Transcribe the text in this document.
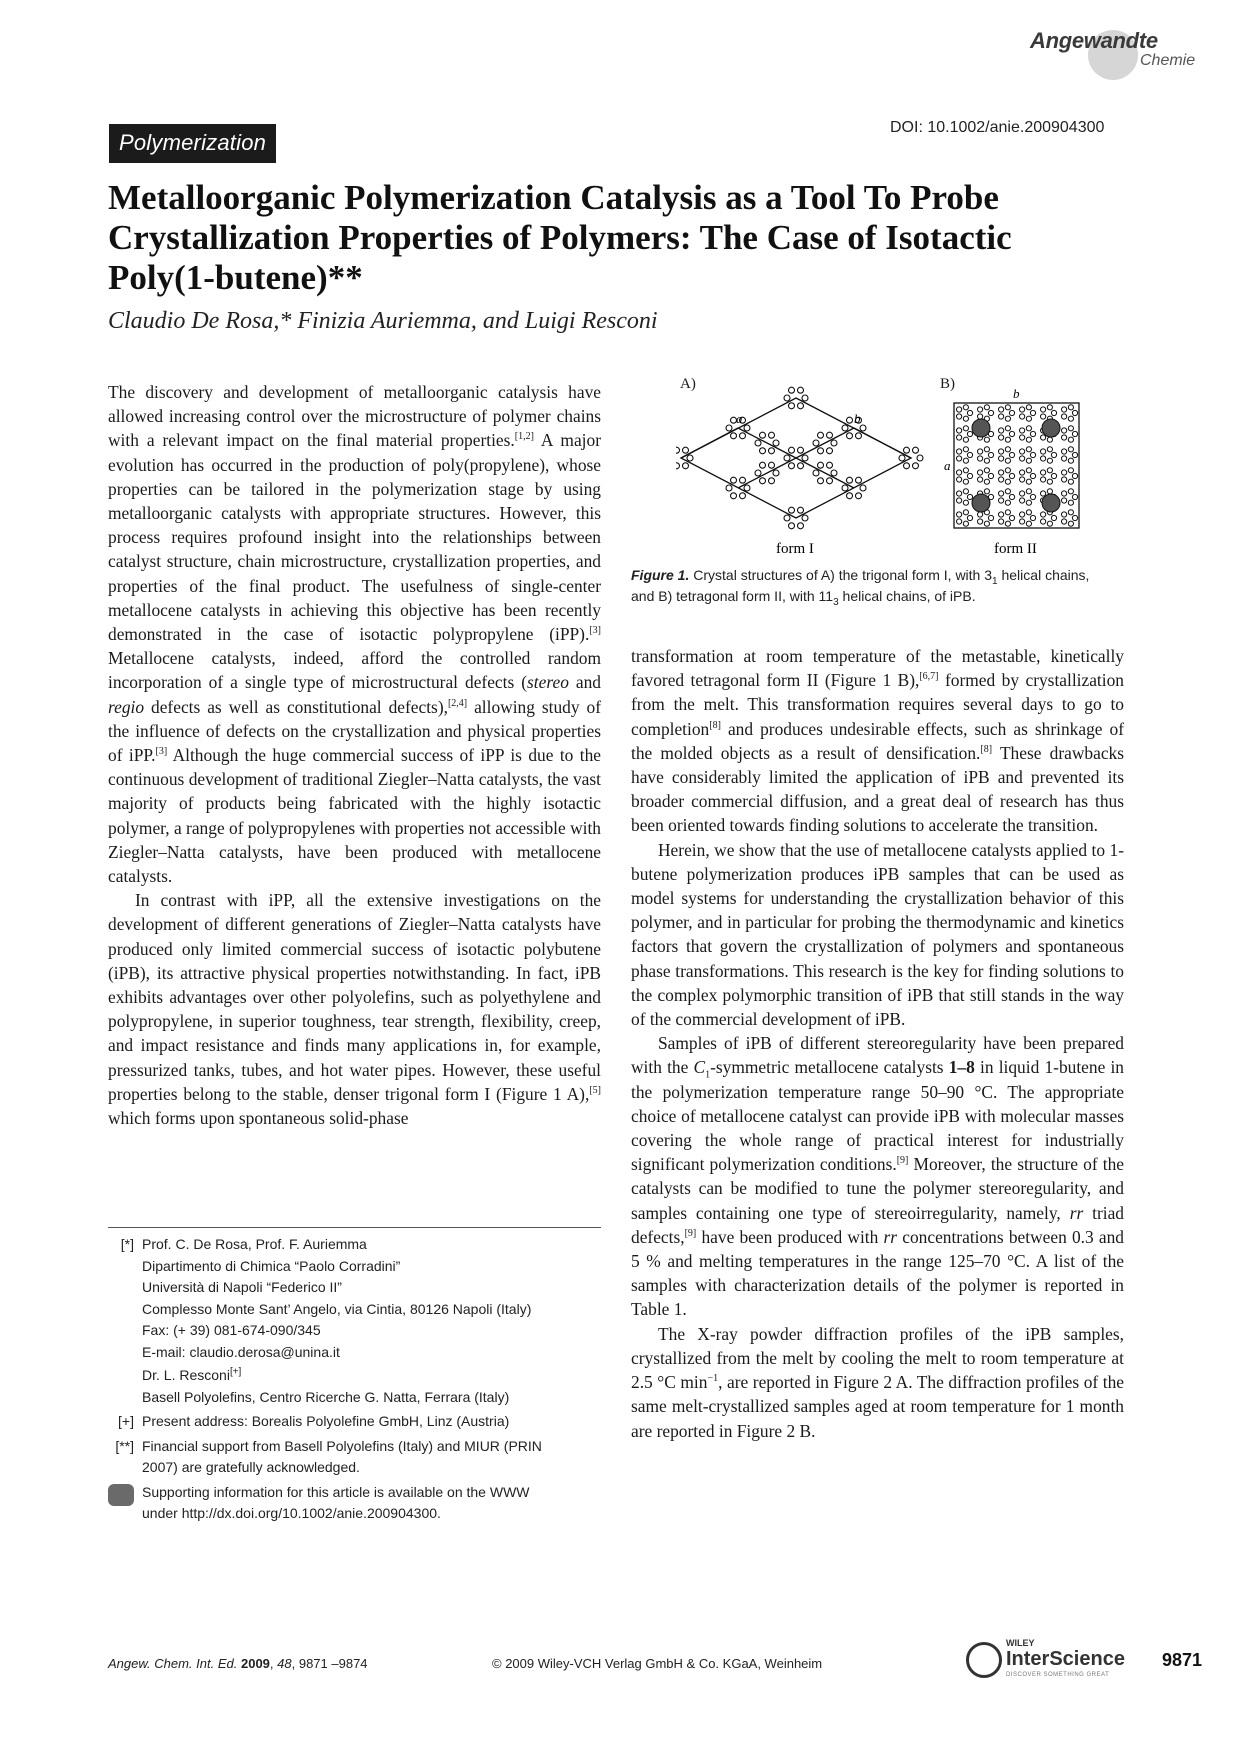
Angewandte
Chemie
Polymerization
DOI: 10.1002/anie.200904300
Metalloorganic Polymerization Catalysis as a Tool To Probe Crystallization Properties of Polymers: The Case of Isotactic Poly(1-butene)**
Claudio De Rosa,* Finizia Auriemma, and Luigi Resconi

The discovery and development of metalloorganic catalysis have allowed increasing control over the microstructure of polymer chains with a relevant impact on the final material properties.[1,2] A major evolution has occurred in the production of poly(propylene), whose properties can be tailored in the polymerization stage by using metalloorganic catalysts with appropriate structures. However, this process requires profound insight into the relationships between catalyst structure, chain microstructure, crystallization properties, and properties of the final product. The usefulness of single-center metallocene catalysts in achieving this objective has been recently demonstrated in the case of isotactic polypropylene (iPP).[3] Metallocene catalysts, indeed, afford the controlled random incorporation of a single type of microstructural defects (stereo and regio defects as well as constitutional defects),[2,4] allowing study of the influence of defects on the crystallization and physical properties of iPP.[3] Although the huge commercial success of iPP is due to the continuous development of traditional Ziegler–Natta catalysts, the vast majority of products being fabricated with the highly isotactic polymer, a range of polypropylenes with properties not accessible with Ziegler–Natta catalysts, have been produced with metallocene catalysts.

In contrast with iPP, all the extensive investigations on the development of different generations of Ziegler–Natta catalysts have produced only limited commercial success of isotactic polybutene (iPB), its attractive physical properties notwithstanding. In fact, iPB exhibits advantages over other polyolefins, such as polyethylene and polypropylene, in superior toughness, tear strength, flexibility, creep, and impact resistance and finds many applications in, for example, pressurized tanks, tubes, and hot water pipes. However, these useful properties belong to the stable, denser trigonal form I (Figure 1 A),[5] which forms upon spontaneous solid-phase

A)	B)
a	b
b
a
form I	form II
Figure 1. Crystal structures of A) the trigonal form I, with $3_1$ helical chains, and B) tetragonal form II, with $11_3$ helical chains, of iPB.

transformation at room temperature of the metastable, kinetically favored tetragonal form II (Figure 1 B),[6,7] formed by crystallization from the melt. This transformation requires several days to go to completion[8] and produces undesirable effects, such as shrinkage of the molded objects as a result of densification.[8] These drawbacks have considerably limited the application of iPB and prevented its broader commercial diffusion, and a great deal of research has thus been oriented towards finding solutions to accelerate the transition.

Herein, we show that the use of metallocene catalysts applied to 1-butene polymerization produces iPB samples that can be used as model systems for understanding the crystallization behavior of this polymer, and in particular for probing the thermodynamic and kinetics factors that govern the crystallization of polymers and spontaneous phase transformations. This research is the key for finding solutions to the complex polymorphic transition of iPB that still stands in the way of the commercial development of iPB.

Samples of iPB of different stereoregularity have been prepared with the $C_1$-symmetric metallocene catalysts 1–8 in liquid 1-butene in the polymerization temperature range 50–90 °C. The appropriate choice of metallocene catalyst can provide iPB with molecular masses covering the whole range of practical interest for industrially significant polymerization conditions.[9] Moreover, the structure of the catalysts can be modified to tune the polymer stereoregularity, and samples containing one type of stereoirregularity, namely, rr triad defects,[9] have been produced with rr concentrations between 0.3 and 5 % and melting temperatures in the range 125–70 °C. A list of the samples with characterization details of the polymer is reported in Table 1.

The X-ray powder diffraction profiles of the iPB samples, crystallized from the melt by cooling the melt to room temperature at 2.5 °C $\min^{-1}$, are reported in Figure 2 A. The diffraction profiles of the same melt-crystallized samples aged at room temperature for 1 month are reported in Figure 2 B.

[*] Prof. C. De Rosa, Prof. F. Auriemma
Dipartimento di Chimica “Paolo Corradini”
Università di Napoli “Federico II”
Complesso Monte Sant’ Angelo, via Cintia, 80126 Napoli (Italy)
Fax: (+ 39) 081-674-090/345
E-mail: claudio.derosa@unina.it
Dr. L. Resconi[+]
Basell Polyolefins, Centro Ricerche G. Natta, Ferrara (Italy)
[+] Present address: Borealis Polyolefine GmbH, Linz (Austria)
[**] Financial support from Basell Polyolefins (Italy) and MIUR (PRIN
2007) are gratefully acknowledged.
Supporting information for this article is available on the WWW
under http://dx.doi.org/10.1002/anie.200904300.
Angew. Chem. Int. Ed. 2009, 48, 9871 –9874	© 2009 Wiley-VCH Verlag GmbH & Co. KGaA, Weinheim
WILEY
InterScience
DISCOVER SOMETHING GREAT
9871
